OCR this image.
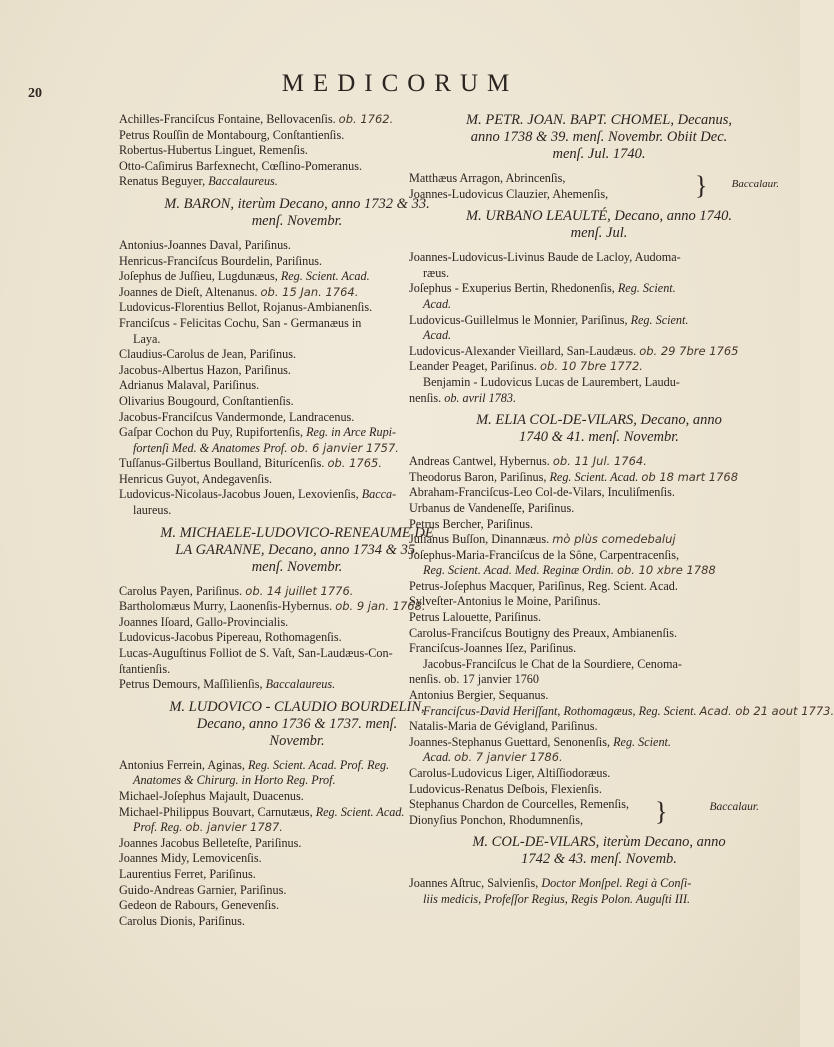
20	MEDICORUM
Achilles-Franciſcus Fontaine, Bellovacenſis. ob. 1762.
Petrus Rouſſin de Montabourg, Conſtantienſis.
Robertus-Hubertus Linguet, Remenſis.
Otto-Caſimirus Barfexnecht, Cœſlino-Pomeranus.
Renatus Beguyer, Baccalaureus.
M. BARON, iterùm Decano, anno 1732 & 33.
menſ. Novembr.
Antonius-Joannes Daval, Pariſinus.
Henricus-Franciſcus Bourdelin, Pariſinus.
Joſephus de Juſſieu, Lugdunæus, Reg. Scient. Acad.
Joannes de Dieſt, Altenanus. ob. 15 Jan. 1764.
Ludovicus-Florentius Bellot, Rojanus-Ambianenſis.
Franciſcus - Felicitas Cochu, San - Germanæus in
Laya.
Claudius-Carolus de Jean, Pariſinus.
Jacobus-Albertus Hazon, Pariſinus.
Adrianus Malaval, Pariſinus.
Olivarius Bougourd, Conſtantienſis.
Jacobus-Franciſcus Vandermonde, Landracenus.
Gaſpar Cochon du Puy, Rupifortenſis, Reg. in Arce Rupi-
fortenſi Med. & Anatomes Prof. ob. 6 janvier 1757.
Tuſſanus-Gilbertus Boulland, Biturícenſis. ob. 1765.
Henricus Guyot, Andegavenſis.
Ludovicus-Nicolaus-Jacobus Jouen, Lexovienſis, Bacca-
laureus.
M. MICHAELE-LUDOVICO-RENEAUME DE
LA GARANNE, Decano, anno 1734 & 35.
menſ. Novembr.
Carolus Payen, Pariſinus. ob. 14 juillet 1776.
Bartholomæus Murry, Laonenſis-Hybernus. ob. 9 jan. 1768.
Joannes Iſoard, Gallo-Provincialis.
Ludovicus-Jacobus Pipereau, Rothomagenſis.
Lucas-Auguſtinus Folliot de S. Vaſt, San-Laudæus-Con-
ſtantienſis.
Petrus Demours, Maſſilienſis, Baccalaureus.
M. LUDOVICO - CLAUDIO BOURDELIN,
Decano, anno 1736 & 1737. menſ.
Novembr.
Antonius Ferrein, Aginas, Reg. Scient. Acad. Prof. Reg.
Anatomes & Chirurg. in Horto Reg. Prof.
Michael-Joſephus Majault, Duacenus.
Michael-Philippus Bouvart, Carnutæus, Reg. Scient. Acad.
Prof. Reg. ob. janvier 1787.
Joannes Jacobus Belleteſte, Pariſinus.
Joannes Midy, Lemovicenſis.
Laurentius Ferret, Pariſinus.
Guido-Andreas Garnier, Pariſinus.
Gedeon de Rabours, Genevenſis.
Carolus Dionis, Pariſinus.
M. PETR. JOAN. BAPT. CHOMEL, Decanus,
anno 1738 & 39. menſ. Novembr. Obiit Dec.
menſ. Jul. 1740.
Matthæus Arragon, Abrincenſis,
Joannes-Ludovicus Clauzier, Ahemenſis,	} Baccalaur.
M. URBANO LEAULTÉ, Decano, anno 1740.
menſ. Jul.
Joannes-Ludovicus-Livinus Baude de Lacloy, Audoma-
ræus.
Joſephus - Exuperius Bertin, Rhedonenſis, Reg. Scient.
Acad.
Ludovicus-Guillelmus le Monnier, Pariſinus, Reg. Scient.
Acad.
Ludovicus-Alexander Vieillard, San-Laudæus. ob. 29 7bre 1765
Leander Peaget, Pariſinus. ob. 10 7bre 1772.
Benjamin - Ludovicus Lucas de Laurembert, Laudu-
nenſis. ob. avril 1783.
M. ELIA COL-DE-VILARS, Decano, anno
1740 & 41. menſ. Novembr.
Andreas Cantwel, Hybernus. ob. 11 Jul. 1764.
Theodorus Baron, Pariſinus, Reg. Scient. Acad. ob 18 mart 1768
Abraham-Franciſcus-Leo Col-de-Vilars, Inculiſmenſis.
Urbanus de Vandeneſſe, Pariſinus.
Petrus Bercher, Pariſinus.
Julianus Buſſon, Dinannæus. mò plùs comedebaluj
Joſephus-Maria-Franciſcus de la Sône, Carpentracenſis,
Reg. Scient. Acad. Med. Reginæ Ordin. ob. 10 xbre 1788
Petrus-Joſephus Macquer, Pariſinus, Reg. Scient. Acad.
Sylveſter-Antonius le Moine, Pariſinus.
Petrus Lalouette, Pariſinus.
Carolus-Franciſcus Boutigny des Preaux, Ambianenſis.
Franciſcus-Joannes Iſez, Pariſinus.
Jacobus-Franciſcus le Chat de la Sourdiere, Cenoma-
nenſis. ob. 17 janvier 1760
Antonius Bergier, Sequanus.
Franciſcus-David Heriſſant, Rothomagæus, Reg. Scient. Acad. ob 21 aout 1773.
Natalis-Maria de Gévigland, Pariſinus.
Joannes-Stephanus Guettard, Senonenſis, Reg. Scient.
Acad. ob. 7 janvier 1786.
Carolus-Ludovicus Liger, Altiſſiodoræus.
Ludovicus-Renatus Deſbois, Flexienſis.
Stephanus Chardon de Courcelles, Remenſis,
Dionyſius Ponchon, Rhodumnenſis,	}	Baccalaur.
M. COL-DE-VILARS, iterùm Decano, anno
1742 & 43. menſ. Novemb.
Joannes Aſtruc, Salvienſis, Doctor Monſpel. Regi à Conſi-
liis medicis, Profeſſor Regius, Regis Polon. Auguſti III.
